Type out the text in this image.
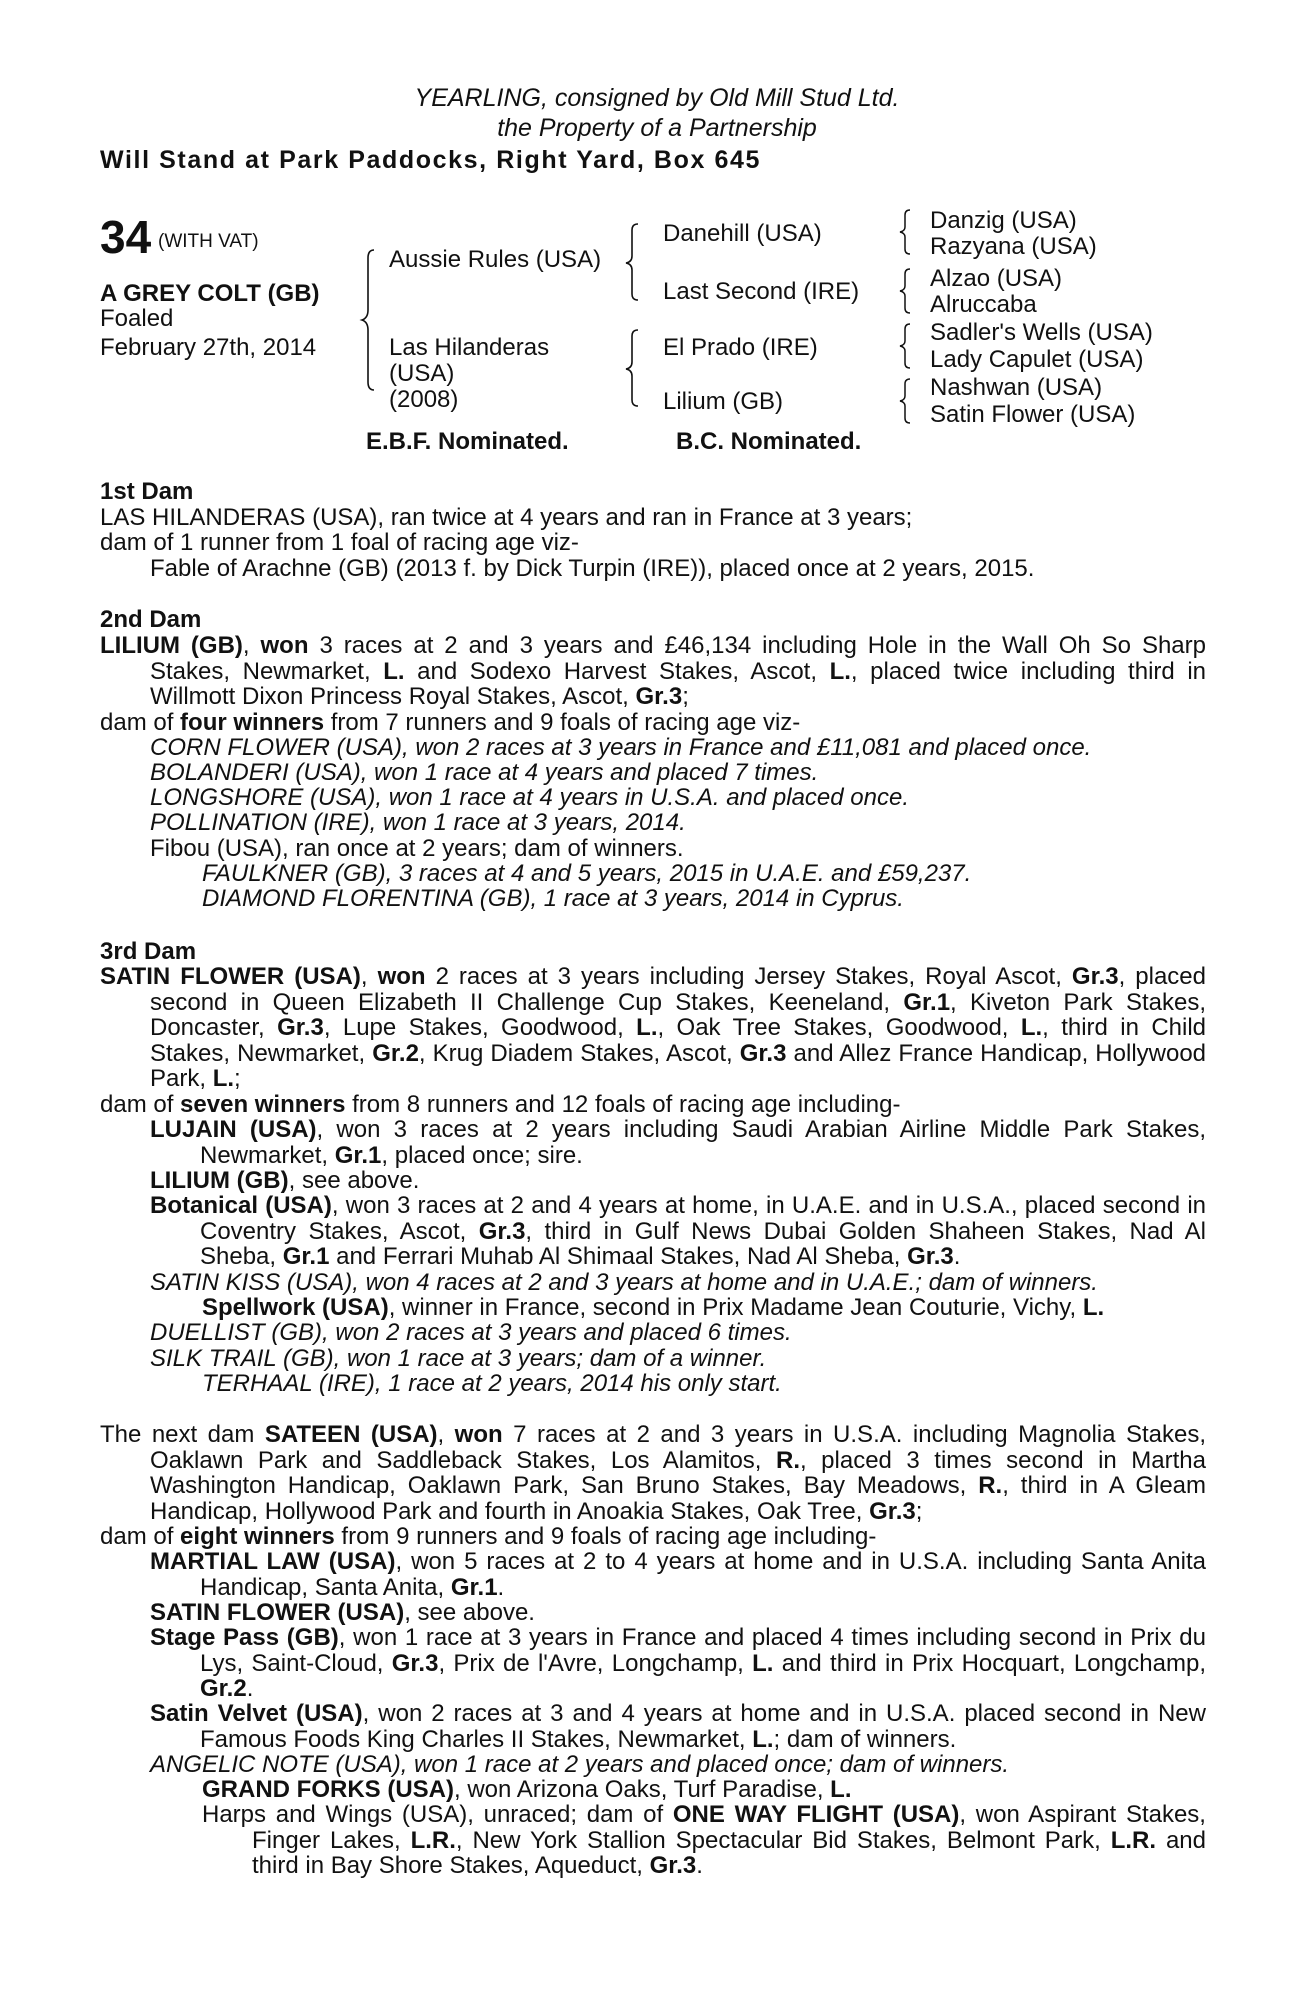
YEARLING, consigned by Old Mill Stud Ltd.
the Property of a Partnership
Will Stand at Park Paddocks, Right Yard, Box 645
34 (WITH VAT)
A GREY COLT (GB)
Foaled
February 27th, 2014
Aussie Rules (USA)
Las Hilanderas
(USA)
(2008)
Danehill (USA)
Last Second (IRE)
El Prado (IRE)
Lilium (GB)
Danzig (USA)
Razyana (USA)
Alzao (USA)
Alruccaba
Sadler's Wells (USA)
Lady Capulet (USA)
Nashwan (USA)
Satin Flower (USA)
E.B.F. Nominated.	B.C. Nominated.
1st Dam
LAS HILANDERAS (USA), ran twice at 4 years and ran in France at 3 years;
dam of 1 runner from 1 foal of racing age viz-
Fable of Arachne (GB) (2013 f. by Dick Turpin (IRE)), placed once at 2 years, 2015.
2nd Dam
LILIUM (GB), won 3 races at 2 and 3 years and £46,134 including Hole in the Wall Oh So Sharp Stakes, Newmarket, L. and Sodexo Harvest Stakes, Ascot, L., placed twice including third in Willmott Dixon Princess Royal Stakes, Ascot, Gr.3;
dam of four winners from 7 runners and 9 foals of racing age viz-
CORN FLOWER (USA), won 2 races at 3 years in France and £11,081 and placed once.
BOLANDERI (USA), won 1 race at 4 years and placed 7 times.
LONGSHORE (USA), won 1 race at 4 years in U.S.A. and placed once.
POLLINATION (IRE), won 1 race at 3 years, 2014.
Fibou (USA), ran once at 2 years; dam of winners.
FAULKNER (GB), 3 races at 4 and 5 years, 2015 in U.A.E. and £59,237.
DIAMOND FLORENTINA (GB), 1 race at 3 years, 2014 in Cyprus.
3rd Dam
SATIN FLOWER (USA), won 2 races at 3 years including Jersey Stakes, Royal Ascot, Gr.3, placed second in Queen Elizabeth II Challenge Cup Stakes, Keeneland, Gr.1, Kiveton Park Stakes, Doncaster, Gr.3, Lupe Stakes, Goodwood, L., Oak Tree Stakes, Goodwood, L., third in Child Stakes, Newmarket, Gr.2, Krug Diadem Stakes, Ascot, Gr.3 and Allez France Handicap, Hollywood Park, L.;
dam of seven winners from 8 runners and 12 foals of racing age including-
LUJAIN (USA), won 3 races at 2 years including Saudi Arabian Airline Middle Park Stakes, Newmarket, Gr.1, placed once; sire.
LILIUM (GB), see above.
Botanical (USA), won 3 races at 2 and 4 years at home, in U.A.E. and in U.S.A., placed second in Coventry Stakes, Ascot, Gr.3, third in Gulf News Dubai Golden Shaheen Stakes, Nad Al Sheba, Gr.1 and Ferrari Muhab Al Shimaal Stakes, Nad Al Sheba, Gr.3.
SATIN KISS (USA), won 4 races at 2 and 3 years at home and in U.A.E.; dam of winners.
Spellwork (USA), winner in France, second in Prix Madame Jean Couturie, Vichy, L.
DUELLIST (GB), won 2 races at 3 years and placed 6 times.
SILK TRAIL (GB), won 1 race at 3 years; dam of a winner.
TERHAAL (IRE), 1 race at 2 years, 2014 his only start.
The next dam SATEEN (USA), won 7 races at 2 and 3 years in U.S.A. including Magnolia Stakes, Oaklawn Park and Saddleback Stakes, Los Alamitos, R., placed 3 times second in Martha Washington Handicap, Oaklawn Park, San Bruno Stakes, Bay Meadows, R., third in A Gleam Handicap, Hollywood Park and fourth in Anoakia Stakes, Oak Tree, Gr.3;
dam of eight winners from 9 runners and 9 foals of racing age including-
MARTIAL LAW (USA), won 5 races at 2 to 4 years at home and in U.S.A. including Santa Anita Handicap, Santa Anita, Gr.1.
SATIN FLOWER (USA), see above.
Stage Pass (GB), won 1 race at 3 years in France and placed 4 times including second in Prix du Lys, Saint-Cloud, Gr.3, Prix de l'Avre, Longchamp, L. and third in Prix Hocquart, Longchamp, Gr.2.
Satin Velvet (USA), won 2 races at 3 and 4 years at home and in U.S.A. placed second in New Famous Foods King Charles II Stakes, Newmarket, L.; dam of winners.
ANGELIC NOTE (USA), won 1 race at 2 years and placed once; dam of winners.
GRAND FORKS (USA), won Arizona Oaks, Turf Paradise, L.
Harps and Wings (USA), unraced; dam of ONE WAY FLIGHT (USA), won Aspirant Stakes, Finger Lakes, L.R., New York Stallion Spectacular Bid Stakes, Belmont Park, L.R. and third in Bay Shore Stakes, Aqueduct, Gr.3.
